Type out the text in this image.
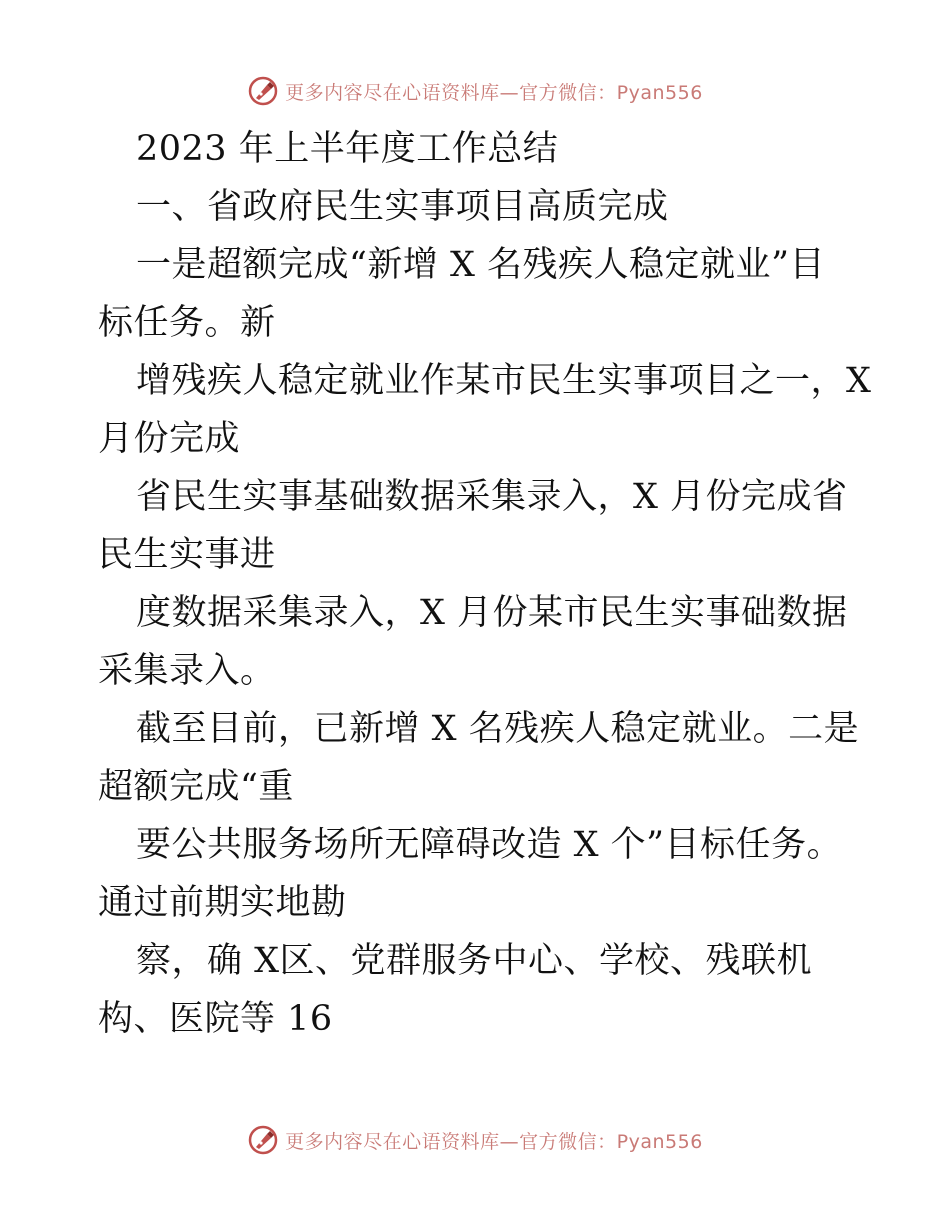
更多内容尽在心语资料库—官方微信：Pyan556
2023 年上半年度工作总结
一、省政府民生实事项目高质完成
一是超额完成“新增 X 名残疾人稳定就业”目
标任务。新
增残疾人稳定就业作某市民生实事项目之一，X
月份完成
省民生实事基础数据采集录入，X 月份完成省
民生实事进
度数据采集录入，X 月份某市民生实事础数据
采集录入。
截至目前，已新增 X 名残疾人稳定就业。二是
超额完成“重
要公共服务场所无障碍改造 X 个”目标任务。
通过前期实地勘
察，确 X区、党群服务中心、学校、残联机
构、医院等 16
更多内容尽在心语资料库—官方微信：Pyan556
